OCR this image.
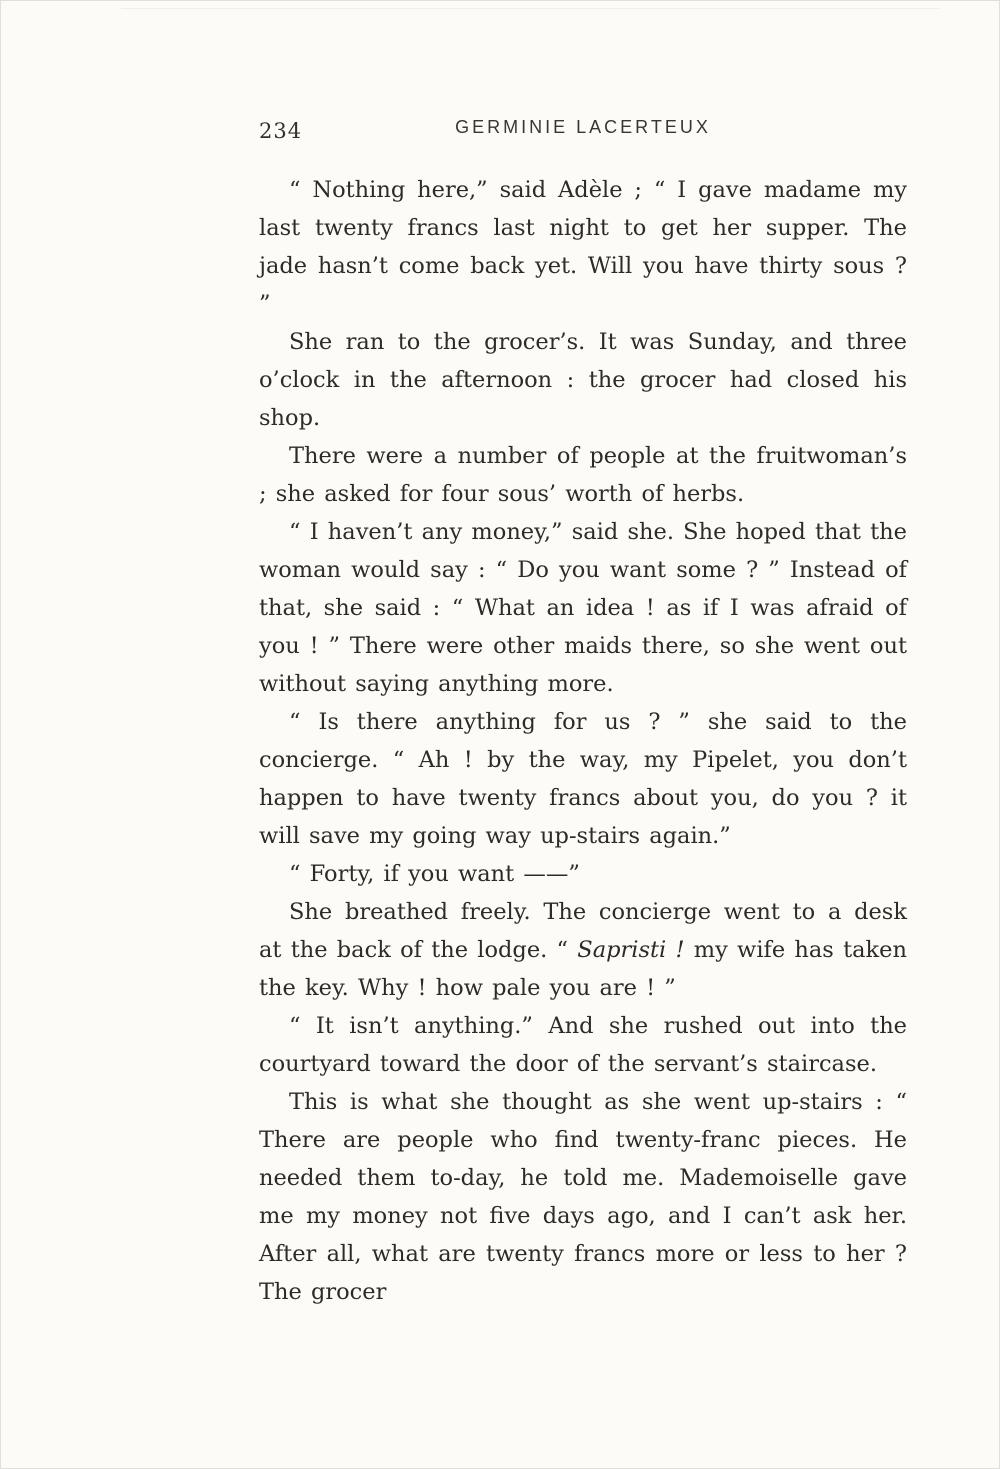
234	GERMINIE LACERTEUX

“ Nothing here,” said Adèle ; “ I gave madame my last twenty francs last night to get her supper. The jade hasn’t come back yet. Will you have thirty sous ? ”

She ran to the grocer’s. It was Sunday, and three o’clock in the afternoon : the grocer had closed his shop.

There were a number of people at the fruitwoman’s ; she asked for four sous’ worth of herbs.

“ I haven’t any money,” said she. She hoped that the woman would say : “ Do you want some ? ” Instead of that, she said : “ What an idea ! as if I was afraid of you ! ” There were other maids there, so she went out without saying anything more.

“ Is there anything for us ? ” she said to the concierge. “ Ah ! by the way, my Pipelet, you don’t happen to have twenty francs about you, do you ? it will save my going way up-stairs again.”

“ Forty, if you want ——”

She breathed freely. The concierge went to a desk at the back of the lodge. “ Sapristi ! my wife has taken the key. Why ! how pale you are ! ”

“ It isn’t anything.” And she rushed out into the courtyard toward the door of the servant’s staircase.

This is what she thought as she went up-stairs : “ There are people who find twenty-franc pieces. He needed them to-day, he told me. Mademoiselle gave me my money not five days ago, and I can’t ask her. After all, what are twenty francs more or less to her ? The grocer
